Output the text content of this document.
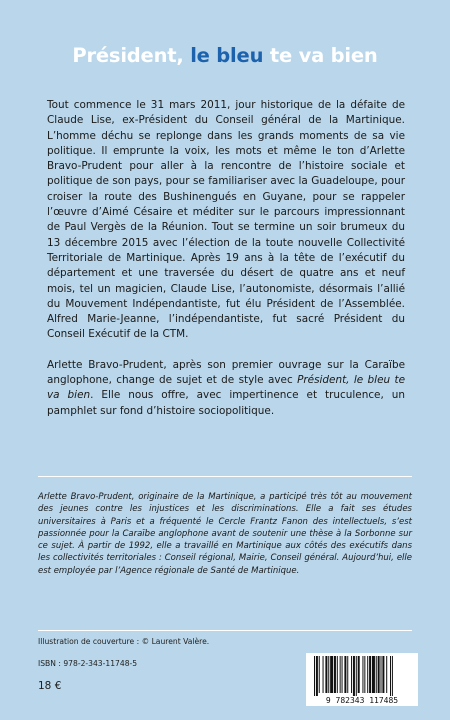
Président, le bleu te va bien

Tout commence le 31 mars 2011, jour historique de la défaite de Claude Lise, ex-Président du Conseil général de la Martinique. L’homme déchu se replonge dans les grands moments de sa vie politique. Il emprunte la voix, les mots et même le ton d’Arlette Bravo-Prudent pour aller à la rencontre de l’histoire sociale et politique de son pays, pour se familiariser avec la Guadeloupe, pour croiser la route des Bushinengués en Guyane, pour se rappeler l’œuvre d’Aimé Césaire et méditer sur le parcours impressionnant de Paul Vergès de la Réunion. Tout se termine un soir brumeux du 13 décembre 2015 avec l’élection de la toute nouvelle Collectivité Territoriale de Martinique. Après 19 ans à la tête de l’exécutif du département et une traversée du désert de quatre ans et neuf mois, tel un magicien, Claude Lise, l’autonomiste, désormais l’allié du Mouvement Indépendantiste, fut élu Président de l’Assemblée. Alfred Marie-Jeanne, l’indépendantiste, fut sacré Président du Conseil Exécutif de la CTM.

Arlette Bravo-Prudent, après son premier ouvrage sur la Caraïbe anglophone, change de sujet et de style avec Président, le bleu te va bien. Elle nous offre, avec impertinence et truculence, un pamphlet sur fond d’histoire sociopolitique.

Arlette Bravo-Prudent, originaire de la Martinique, a participé très tôt au mouvement des jeunes contre les injustices et les discriminations. Elle a fait ses études universitaires à Paris et a fréquenté le Cercle Frantz Fanon des intellectuels, s’est passionnée pour la Caraïbe anglophone avant de soutenir une thèse à la Sorbonne sur ce sujet. À partir de 1992, elle a travaillé en Martinique aux côtés des exécutifs dans les collectivités territoriales : Conseil régional, Mairie, Conseil général. Aujourd’hui, elle est employée par l’Agence régionale de Santé de Martinique.
Illustration de couverture : © Laurent Valère.
ISBN : 978-2-343-11748-5
18 €
9 782343 117485
